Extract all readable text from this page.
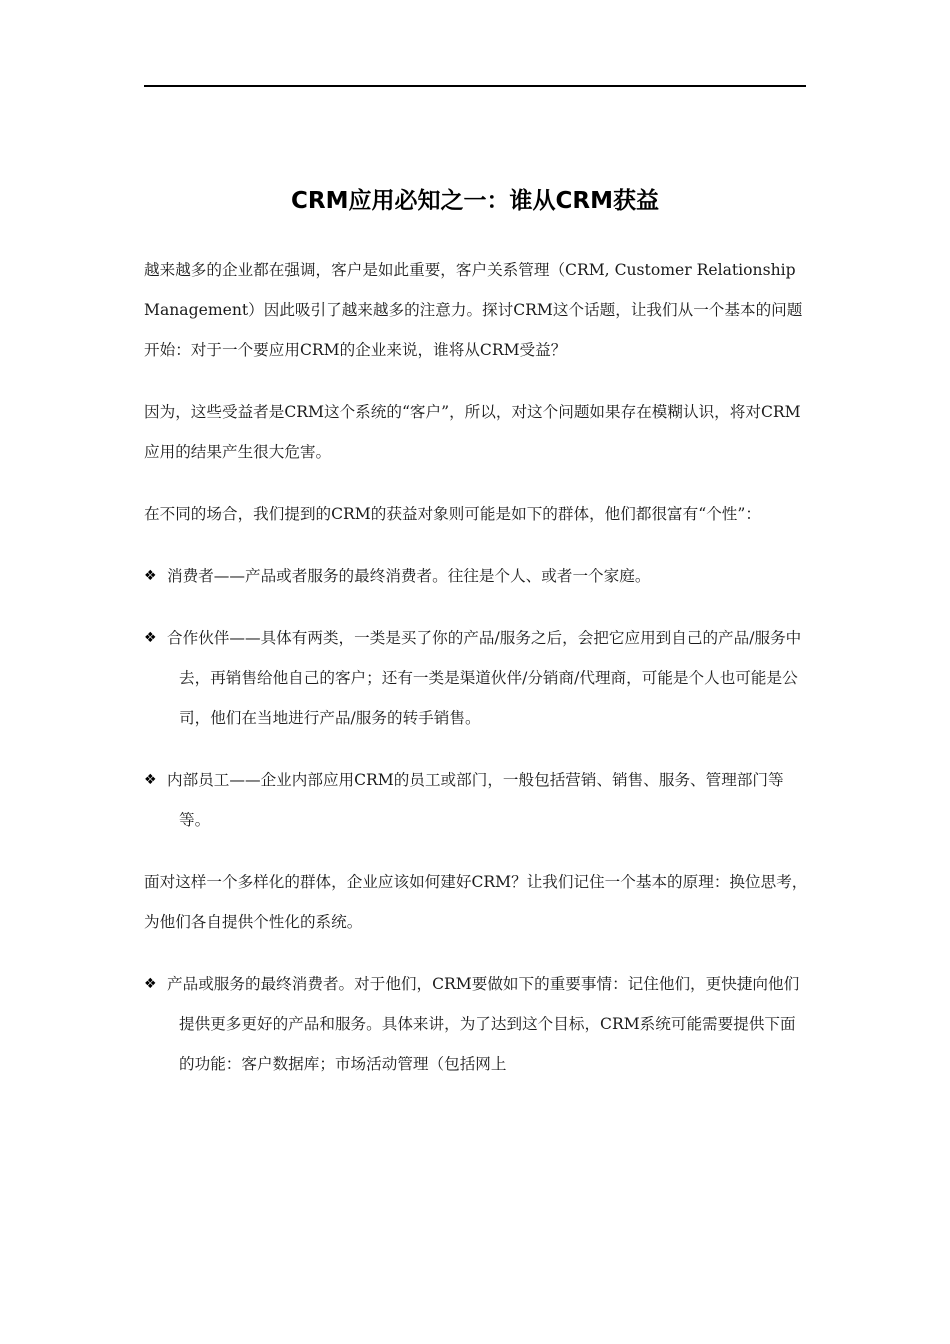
CRM应用必知之一：谁从CRM获益

越来越多的企业都在强调，客户是如此重要，客户关系管理（CRM, Customer Relationship Management）因此吸引了越来越多的注意力。探讨CRM这个话题，让我们从一个基本的问题开始：对于一个要应用CRM的企业来说，谁将从CRM受益？

因为，这些受益者是CRM这个系统的“客户”，所以，对这个问题如果存在模糊认识，将对CRM应用的结果产生很大危害。

在不同的场合，我们提到的CRM的获益对象则可能是如下的群体，他们都很富有“个性”：

❖ 消费者——产品或者服务的最终消费者。往往是个人、或者一个家庭。
❖ 合作伙伴——具体有两类，一类是买了你的产品/服务之后，会把它应用到自己的产品/服务中去，再销售给他自己的客户；还有一类是渠道伙伴/分销商/代理商，可能是个人也可能是公司，他们在当地进行产品/服务的转手销售。
❖ 内部员工——企业内部应用CRM的员工或部门，一般包括营销、销售、服务、管理部门等等。

面对这样一个多样化的群体，企业应该如何建好CRM？让我们记住一个基本的原理：换位思考，为他们各自提供个性化的系统。

❖ 产品或服务的最终消费者。对于他们，CRM要做如下的重要事情：记住他们，更快捷向他们提供更多更好的产品和服务。具体来讲，为了达到这个目标，CRM系统可能需要提供下面的功能：客户数据库；市场活动管理（包括网上
